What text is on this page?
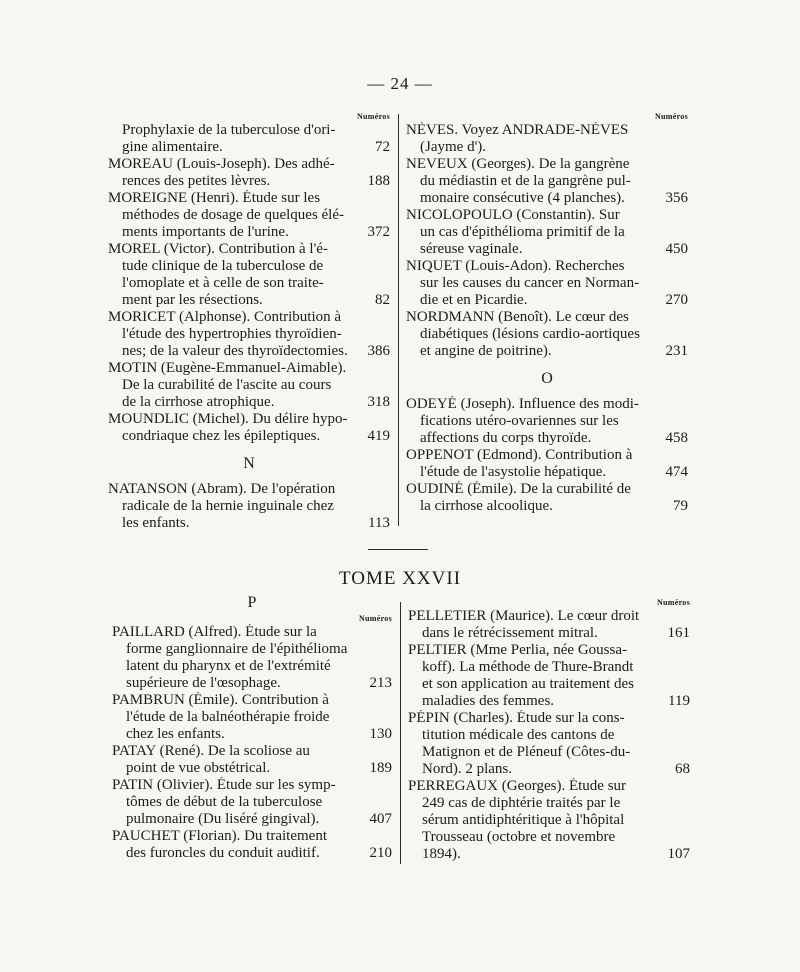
— 24 —
Numéros
Prophylaxie de la tuberculose d'ori-
gine alimentaire.	72
MOREAU (Louis-Joseph). Des adhé-
rences des petites lèvres.	188
MOREIGNE (Henri). Étude sur les
méthodes de dosage de quelques élé-
ments importants de l'urine.	372
MOREL (Victor). Contribution à l'é-
tude clinique de la tuberculose de
l'omoplate et à celle de son traite-
ment par les résections.	82
MORICET (Alphonse). Contribution à
l'étude des hypertrophies thyroïdien-
nes; de la valeur des thyroïdectomies. 386
MOTIN (Eugène-Emmanuel-Aimable).
De la curabilité de l'ascite au cours
de la cirrhose atrophique.	318
MOUNDLIC (Michel). Du délire hypo-
condriaque chez les épileptiques.	419
N
NATANSON (Abram). De l'opération
radicale de la hernie inguinale chez
les enfants.	113
Numéros
NÈVES. Voyez ANDRADE-NÈVES
(Jayme d').
NEVEUX (Georges). De la gangrène
du médiastin et de la gangrène pul-
monaire consécutive (4 planches).	356
NICOLOPOULO (Constantin). Sur
un cas d'épithélioma primitif de la
séreuse vaginale.	450
NIQUET (Louis-Adon). Recherches
sur les causes du cancer en Norman-
die et en Picardie.	270
NORDMANN (Benoît). Le cœur des
diabétiques (lésions cardio-aortiques
et angine de poitrine).	231
O
ODEYÉ (Joseph). Influence des modi-
fications utéro-ovariennes sur les
affections du corps thyroïde.	458
OPPENOT (Edmond). Contribution à
l'étude de l'asystolie hépatique.	474
OUDINÉ (Émile). De la curabilité de
la cirrhose alcoolique.	79
TOME XXVII
P
Numéros
PAILLARD (Alfred). Étude sur la
forme ganglionnaire de l'épithélioma
latent du pharynx et de l'extrémité
supérieure de l'œsophage.	213
PAMBRUN (Émile). Contribution à
l'étude de la balnéothérapie froide
chez les enfants.	130
PATAY (René). De la scoliose au
point de vue obstétrical.	189
PATIN (Olivier). Étude sur les symp-
tômes de début de la tuberculose
pulmonaire (Du liséré gingival).	407
PAUCHET (Florian). Du traitement
des furoncles du conduit auditif.	210
Numéros
PELLETIER (Maurice). Le cœur droit
dans le rétrécissement mitral.	161
PELTIER (Mme Perlia, née Goussa-
koff). La méthode de Thure-Brandt
et son application au traitement des
maladies des femmes.	119
PÉPIN (Charles). Étude sur la cons-
titution médicale des cantons de
Matignon et de Pléneuf (Côtes-du-
Nord). 2 plans.	68
PERREGAUX (Georges). Étude sur
249 cas de diphtérie traités par le
sérum antidiphtéritique à l'hôpital
Trousseau (octobre et novembre
1894).	107
